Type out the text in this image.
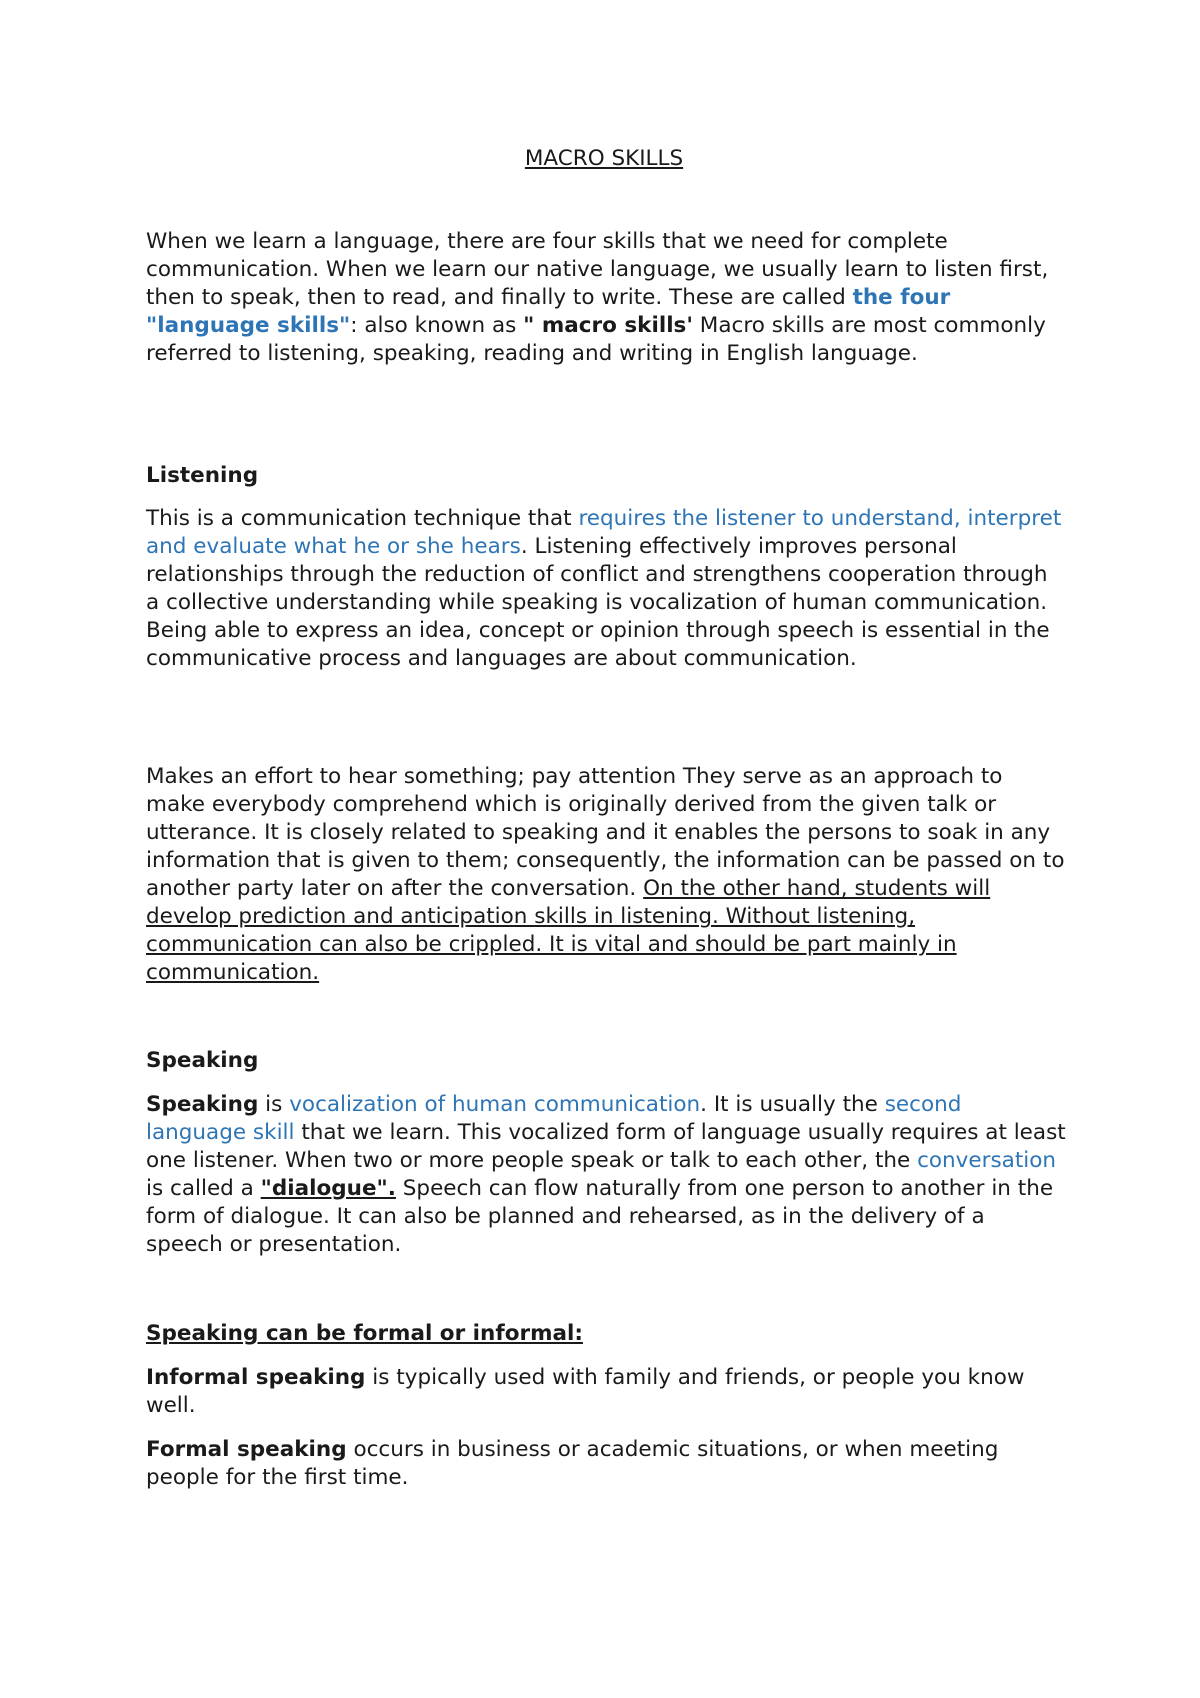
MACRO SKILLS

When we learn a language, there are four skills that we need for complete communication. When we learn our native language, we usually learn to listen first, then to speak, then to read, and finally to write. These are called the four "language skills": also known as " macro skills' Macro skills are most commonly referred to listening, speaking, reading and writing in English language.

Listening

This is a communication technique that requires the listener to understand, interpret and evaluate what he or she hears. Listening effectively improves personal relationships through the reduction of conflict and strengthens cooperation through a collective understanding while speaking is vocalization of human communication. Being able to express an idea, concept or opinion through speech is essential in the communicative process and languages are about communication.

Makes an effort to hear something; pay attention They serve as an approach to make everybody comprehend which is originally derived from the given talk or utterance. It is closely related to speaking and it enables the persons to soak in any information that is given to them; consequently, the information can be passed on to another party later on after the conversation. On the other hand, students will develop prediction and anticipation skills in listening. Without listening, communication can also be crippled. It is vital and should be part mainly in communication.

Speaking

Speaking is vocalization of human communication. It is usually the second language skill that we learn. This vocalized form of language usually requires at least one listener. When two or more people speak or talk to each other, the conversation is called a "dialogue". Speech can flow naturally from one person to another in the form of dialogue. It can also be planned and rehearsed, as in the delivery of a speech or presentation.

Speaking can be formal or informal:

Informal speaking is typically used with family and friends, or people you know well.

Formal speaking occurs in business or academic situations, or when meeting people for the first time.
